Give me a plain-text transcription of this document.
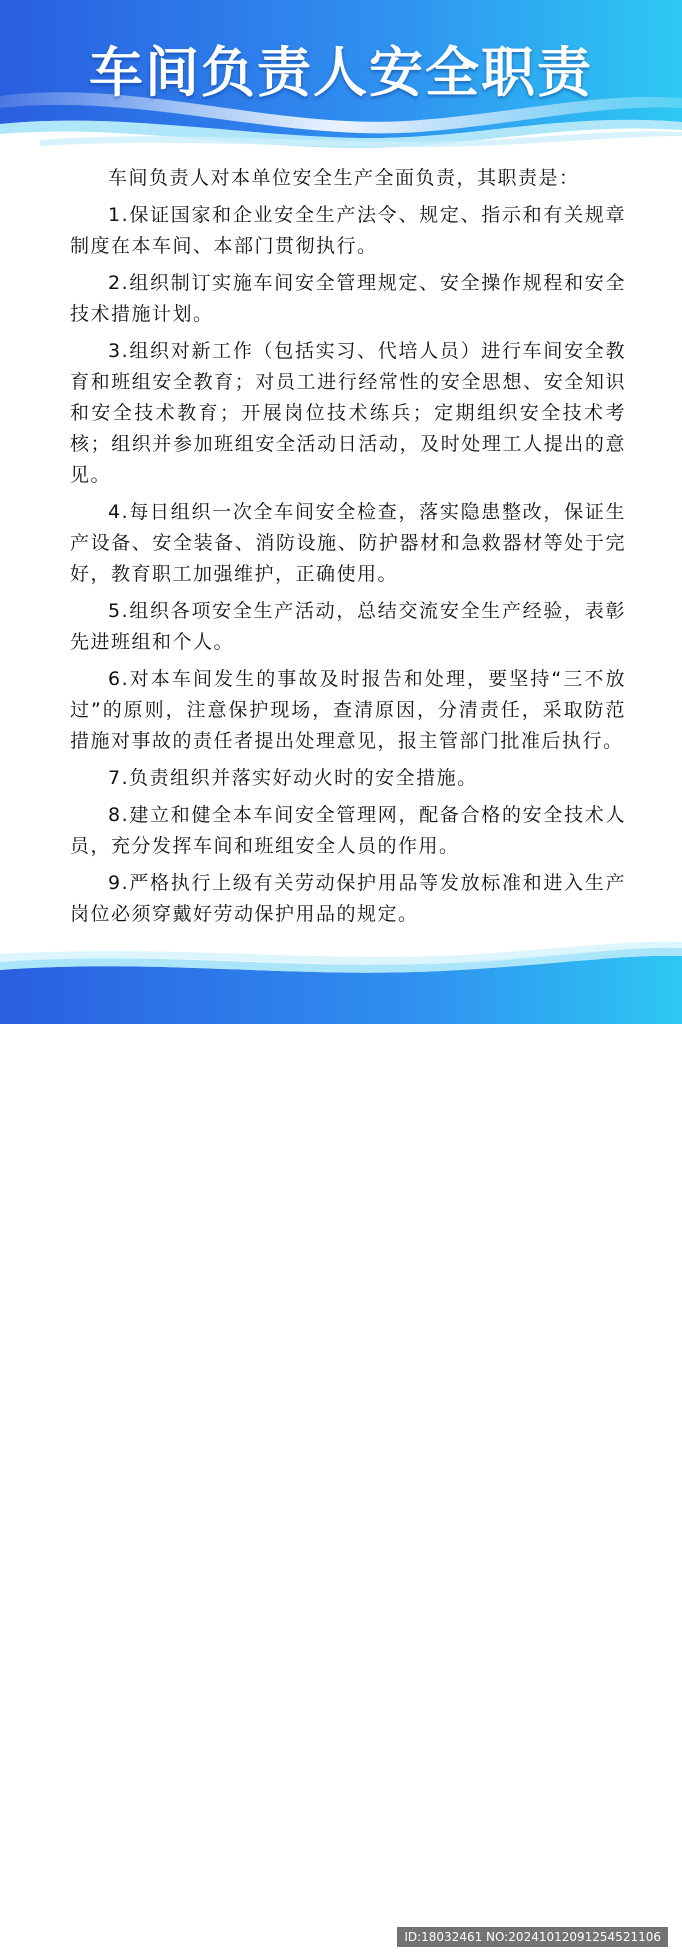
车间负责人安全职责

车间负责人对本单位安全生产全面负责，其职责是：

1.保证国家和企业安全生产法令、规定、指示和有关规章制度在本车间、本部门贯彻执行。

2.组织制订实施车间安全管理规定、安全操作规程和安全技术措施计划。

3.组织对新工作（包括实习、代培人员）进行车间安全教育和班组安全教育；对员工进行经常性的安全思想、安全知识和安全技术教育；开展岗位技术练兵；定期组织安全技术考核；组织并参加班组安全活动日活动，及时处理工人提出的意见。

4.每日组织一次全车间安全检查，落实隐患整改，保证生产设备、安全装备、消防设施、防护器材和急救器材等处于完好，教育职工加强维护，正确使用。

5.组织各项安全生产活动，总结交流安全生产经验，表彰先进班组和个人。

6.对本车间发生的事故及时报告和处理，要坚持“三不放过”的原则，注意保护现场，查清原因，分清责任，采取防范措施对事故的责任者提出处理意见，报主管部门批准后执行。

7.负责组织并落实好动火时的安全措施。

8.建立和健全本车间安全管理网，配备合格的安全技术人员，充分发挥车间和班组安全人员的作用。

9.严格执行上级有关劳动保护用品等发放标准和进入生产岗位必须穿戴好劳动保护用品的规定。

昵享网 www.nipic.cn	ID:18032461 NO:20241012091254521106
